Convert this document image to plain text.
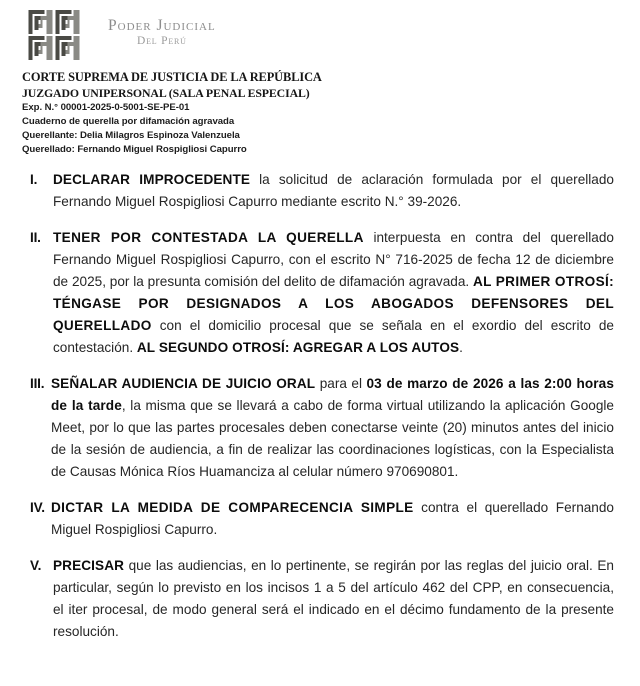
Poder Judicial
Del Perú
CORTE SUPREMA DE JUSTICIA DE LA REPÚBLICA
JUZGADO UNIPERSONAL (SALA PENAL ESPECIAL)
Exp. N.° 00001-2025-0-5001-SE-PE-01
Cuaderno de querella por difamación agravada
Querellante: Delia Milagros Espinoza Valenzuela
Querellado: Fernando Miguel Rospigliosi Capurro
I.	DECLARAR IMPROCEDENTE la solicitud de aclaración formulada por el querellado Fernando Miguel Rospigliosi Capurro mediante escrito N.° 39-2026.
II. TENER POR CONTESTADA LA QUERELLA interpuesta en contra del querellado Fernando Miguel Rospigliosi Capurro, con el escrito N° 716-2025 de fecha 12 de diciembre de 2025, por la presunta comisión del delito de difamación agravada. AL PRIMER OTROSÍ: TÉNGASE POR DESIGNADOS A LOS ABOGADOS DEFENSORES DEL QUERELLADO con el domicilio procesal que se señala en el exordio del escrito de contestación. AL SEGUNDO OTROSÍ: AGREGAR A LOS AUTOS.
III. SEÑALAR AUDIENCIA DE JUICIO ORAL para el 03 de marzo de 2026 a las 2:00 horas de la tarde, la misma que se llevará a cabo de forma virtual utilizando la aplicación Google Meet, por lo que las partes procesales deben conectarse veinte (20) minutos antes del inicio de la sesión de audiencia, a fin de realizar las coordinaciones logísticas, con la Especialista de Causas Mónica Ríos Huamanciza al celular número 970690801.
IV. DICTAR LA MEDIDA DE COMPARECENCIA SIMPLE contra el querellado Fernando Miguel Rospigliosi Capurro.
V. PRECISAR que las audiencias, en lo pertinente, se regirán por las reglas del juicio oral. En particular, según lo previsto en los incisos 1 a 5 del artículo 462 del CPP, en consecuencia, el iter procesal, de modo general será el indicado en el décimo fundamento de la presente resolución.
